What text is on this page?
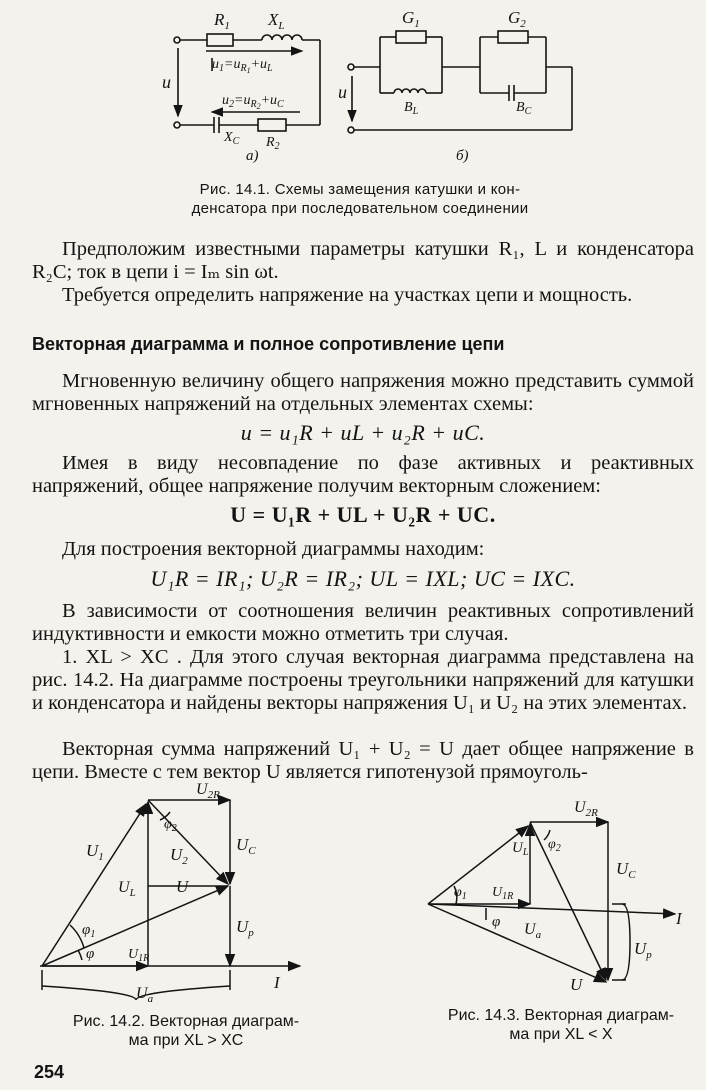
$R_1$ $X_L$
u
$u_1=u_R1+u_L$
$u_2=u_R2+u_C$
$X_C$ $R_2$
а)
$G_1$	$G_2$
u
$B_L$	$B_C$
б)
Рис. 14.1. Схемы замещения катушки и кон-
денсатора при последовательном соединении
Предположим известными параметры катушки R₁, L и конденсатора R₂C; ток в цепи i = Iₘ sin ωt.
Требуется определить напряжение на участках цепи и мощность.
Векторная диаграмма и полное сопротивление цепи
Мгновенную величину общего напряжения можно представить суммой мгновенных напряжений на отдельных элементах схемы:
u = u₁R + uL + u₂R + uC.
Имея в виду несовпадение по фазе активных и реактивных напряжений, общее напряжение получим векторным сложением:
U = U₁R + UL + U₂R + UC.
Для построения векторной диаграммы находим:
U₁R = IR₁; U₂R = IR₂; UL = IXL; UC = IXC.
В зависимости от соотношения величин реактивных сопротивлений индуктивности и емкости можно отметить три случая.
1. XL > XC . Для этого случая векторная диаграмма представлена на рис. 14.2. На диаграмме построены треугольники напряжений для катушки и конденсатора и найдены векторы напряжения U₁ и U₂ на этих элементах.
Векторная сумма напряжений U₁ + U₂ = U дает общее напряжение в цепи. Вместе с тем вектор U является гипотенузой прямоуголь-
$U_{2R}$
$\varphi_2$
$U_1$	$U_2$
$U_C$
$U_L$ U
$\varphi_1$
φ
$U_p$
$U_{1R}$
I
$U_a$
Рис. 14.2. Векторная диаграм-
ма при XL > XC
$U_{2R}$
$U_L$
$\varphi_2$
$U_C$
$\varphi_1$ $U_{1R}$
I
φ $U_a$
$U_p$
U
Рис. 14.3. Векторная диаграм-
ма при XL < X
254
